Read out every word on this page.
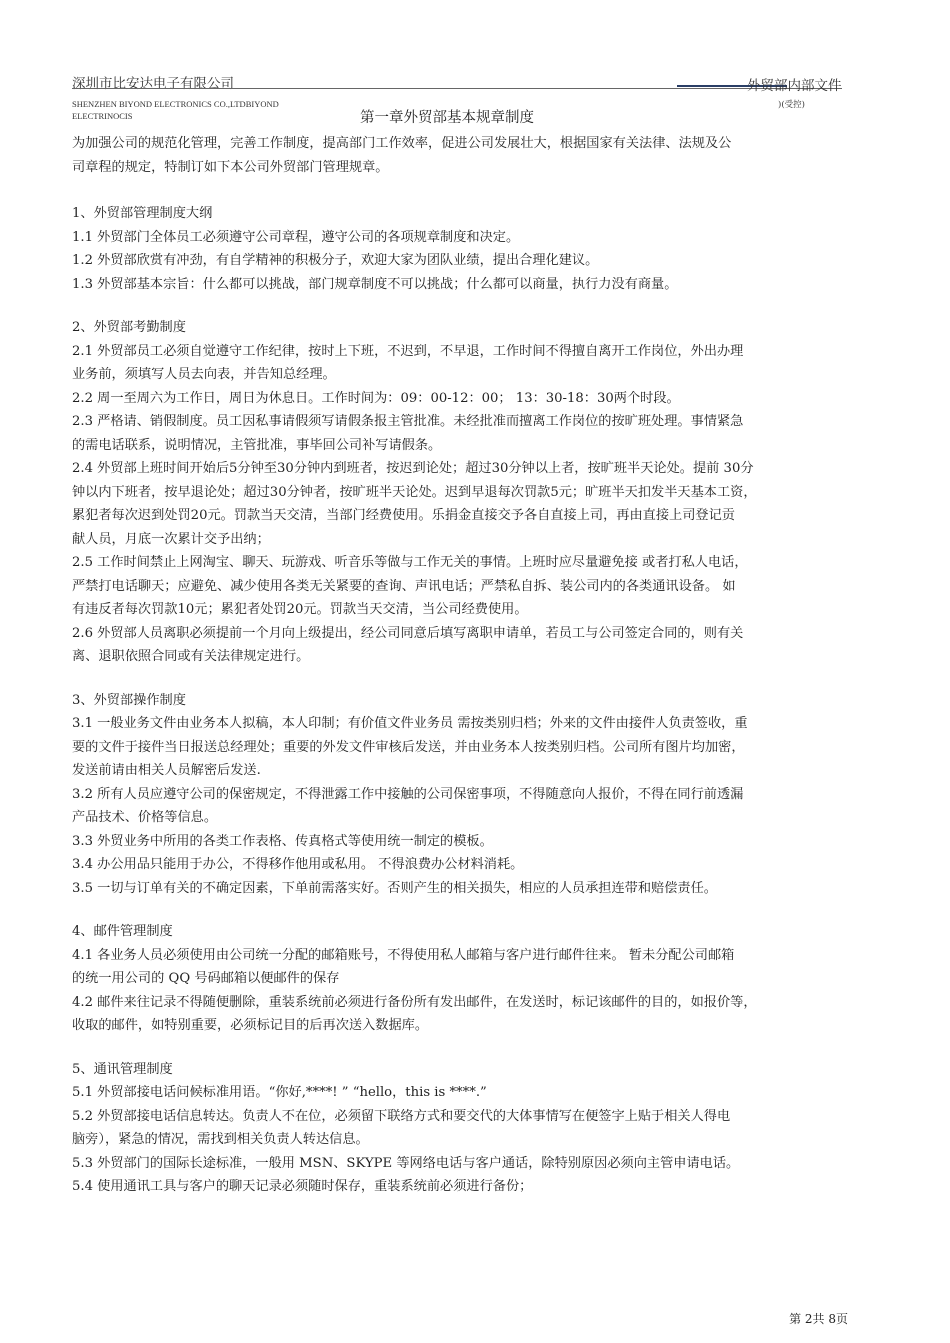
深圳市比安达电子有限公司	外贸部内部文件
SHENZHEN BIYOND ELECTRONICS CO.,LTDBIYOND ELECTRINOCIS
)(受控)
第一章外贸部基本规章制度

为加强公司的规范化管理，完善工作制度，提高部门工作效率，促进公司发展壮大，根据国家有关法律、法规及公

司章程的规定，特制订如下本公司外贸部门管理规章。

1、外贸部管理制度大纲

1.1 外贸部门全体员工必须遵守公司章程，遵守公司的各项规章制度和决定。

1.2 外贸部欣赏有冲劲，有自学精神的积极分子，欢迎大家为团队业绩，提出合理化建议。

1.3 外贸部基本宗旨：什么都可以挑战，部门规章制度不可以挑战；什么都可以商量，执行力没有商量。

2、外贸部考勤制度

2.1 外贸部员工必须自觉遵守工作纪律，按时上下班，不迟到，不早退，工作时间不得擅自离开工作岗位，外出办理

业务前，须填写人员去向表，并告知总经理。

2.2 周一至周六为工作日，周日为休息日。工作时间为：09：00-12：00； 13：30-18：30两个时段。

2.3 严格请、销假制度。员工因私事请假须写请假条报主管批准。未经批准而擅离工作岗位的按旷班处理。事情紧急

的需电话联系，说明情况，主管批准，事毕回公司补写请假条。

2.4 外贸部上班时间开始后5分钟至30分钟内到班者，按迟到论处；超过30分钟以上者，按旷班半天论处。提前 30分

钟以内下班者，按早退论处；超过30分钟者，按旷班半天论处。迟到早退每次罚款5元；旷班半天扣发半天基本工资，

累犯者每次迟到处罚20元。罚款当天交清，当部门经费使用。乐捐金直接交予各自直接上司，再由直接上司登记贡

献人员，月底一次累计交予出纳；

2.5 工作时间禁止上网淘宝、聊天、玩游戏、听音乐等做与工作无关的事情。上班时应尽量避免接 或者打私人电话，

严禁打电话聊天；应避免、减少使用各类无关紧要的查询、声讯电话；严禁私自拆、装公司内的各类通讯设备。 如

有违反者每次罚款10元；累犯者处罚20元。罚款当天交清，当公司经费使用。

2.6 外贸部人员离职必须提前一个月向上级提出，经公司同意后填写离职申请单，若员工与公司签定合同的，则有关

离、退职依照合同或有关法律规定进行。

3、外贸部操作制度

3.1 一般业务文件由业务本人拟稿，本人印制；有价值文件业务员 需按类别归档；外来的文件由接件人负责签收，重

要的文件于接件当日报送总经理处；重要的外发文件审核后发送，并由业务本人按类别归档。公司所有图片均加密，

发送前请由相关人员解密后发送.

3.2 所有人员应遵守公司的保密规定，不得泄露工作中接触的公司保密事项，不得随意向人报价，不得在同行前透漏

产品技术、价格等信息。

3.3 外贸业务中所用的各类工作表格、传真格式等使用统一制定的模板。

3.4 办公用品只能用于办公，不得移作他用或私用。 不得浪费办公材料消耗。

3.5 一切与订单有关的不确定因素，下单前需落实好。否则产生的相关损失，相应的人员承担连带和赔偿责任。

4、邮件管理制度

4.1 各业务人员必须使用由公司统一分配的邮箱账号，不得使用私人邮箱与客户进行邮件往来。 暂未分配公司邮箱

的统一用公司的 QQ 号码邮箱以便邮件的保存

4.2 邮件来往记录不得随便删除，重装系统前必须进行备份所有发出邮件，在发送时，标记该邮件的目的，如报价等，

收取的邮件，如特别重要，必须标记目的后再次送入数据库。

5、通讯管理制度

5.1 外贸部接电话问候标准用语。“你好,****! ” “hello，this is ****.”

5.2 外贸部接电话信息转达。负责人不在位，必须留下联络方式和要交代的大体事情写在便签字上贴于相关人得电

脑旁），紧急的情况，需找到相关负责人转达信息。

5.3 外贸部门的国际长途标准，一般用 MSN、SKYPE 等网络电话与客户通话，除特别原因必须向主管申请电话。

5.4 使用通讯工具与客户的聊天记录必须随时保存，重装系统前必须进行备份；

第 2共 8页
